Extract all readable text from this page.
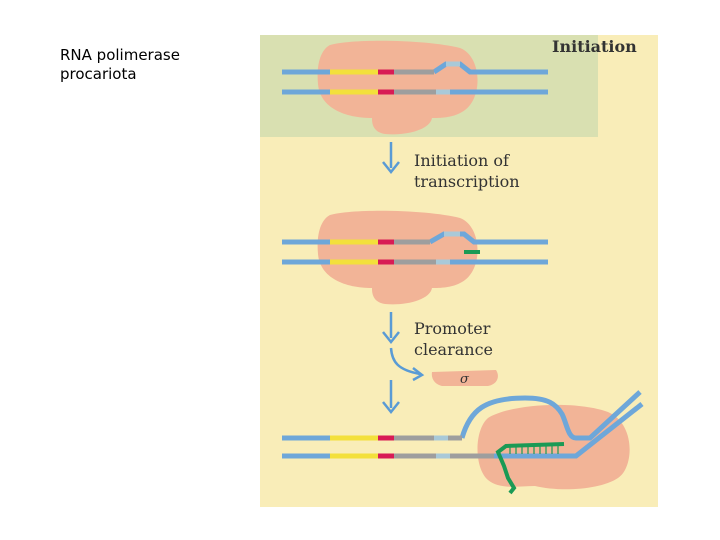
RNA polimerase
procariota
Initiation
Initiation of transcription
Promoter clearance
σ
